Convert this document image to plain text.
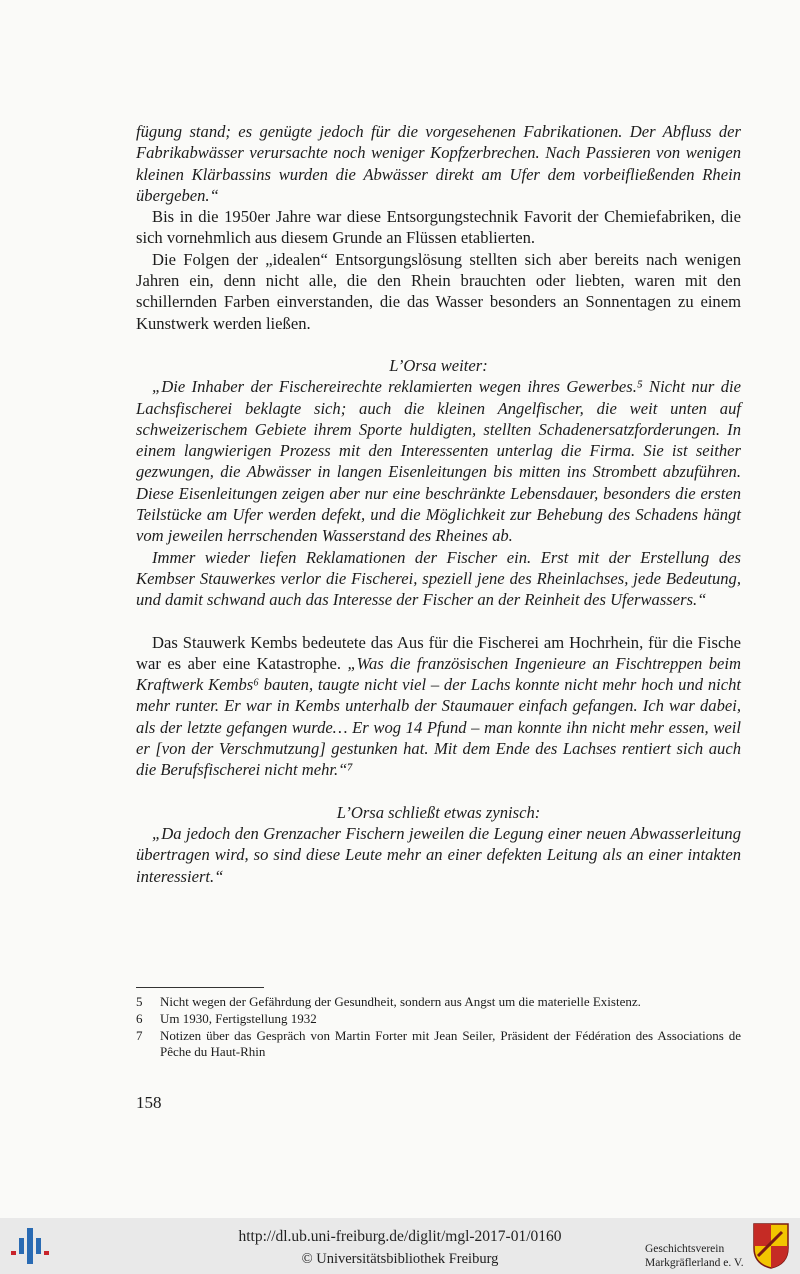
fügung stand; es genügte jedoch für die vorgesehenen Fabrikationen. Der Abfluss der Fabrikabwässer verursachte noch weniger Kopfzerbrechen. Nach Passieren von wenigen kleinen Klärbassins wurden die Abwässer direkt am Ufer dem vorbeifließenden Rhein übergeben.“

Bis in die 1950er Jahre war diese Entsorgungstechnik Favorit der Chemiefabriken, die sich vornehmlich aus diesem Grunde an Flüssen etablierten.

Die Folgen der „idealen“ Entsorgungslösung stellten sich aber bereits nach wenigen Jahren ein, denn nicht alle, die den Rhein brauchten oder liebten, waren mit den schillernden Farben einverstanden, die das Wasser besonders an Sonnentagen zu einem Kunstwerk werden ließen.

L’Orsa weiter:

„Die Inhaber der Fischereirechte reklamierten wegen ihres Gewerbes.⁵ Nicht nur die Lachsfischerei beklagte sich; auch die kleinen Angelfischer, die weit unten auf schweizerischem Gebiete ihrem Sporte huldigten, stellten Schadenersatzforderungen. In einem langwierigen Prozess mit den Interessenten unterlag die Firma. Sie ist seither gezwungen, die Abwässer in langen Eisenleitungen bis mitten ins Strombett abzuführen. Diese Eisenleitungen zeigen aber nur eine beschränkte Lebensdauer, besonders die ersten Teilstücke am Ufer werden defekt, und die Möglichkeit zur Behebung des Schadens hängt vom jeweilen herrschenden Wasserstand des Rheines ab.

Immer wieder liefen Reklamationen der Fischer ein. Erst mit der Erstellung des Kembser Stauwerkes verlor die Fischerei, speziell jene des Rheinlachses, jede Bedeutung, und damit schwand auch das Interesse der Fischer an der Reinheit des Uferwassers.“

Das Stauwerk Kembs bedeutete das Aus für die Fischerei am Hochrhein, für die Fische war es aber eine Katastrophe. „Was die französischen Ingenieure an Fischtreppen beim Kraftwerk Kembs⁶ bauten, taugte nicht viel – der Lachs konnte nicht mehr hoch und nicht mehr runter. Er war in Kembs unterhalb der Staumauer einfach gefangen. Ich war dabei, als der letzte gefangen wurde… Er wog 14 Pfund – man konnte ihn nicht mehr essen, weil er [von der Verschmutzung] gestunken hat. Mit dem Ende des Lachses rentiert sich auch die Berufsfischerei nicht mehr.“⁷

L’Orsa schließt etwas zynisch:

„Da jedoch den Grenzacher Fischern jeweilen die Legung einer neuen Abwasserleitung übertragen wird, so sind diese Leute mehr an einer defekten Leitung als an einer intakten interessiert.“

5	Nicht wegen der Gefährdung der Gesundheit, sondern aus Angst um die materielle Existenz.
6	Um 1930, Fertigstellung 1932
7	Notizen über das Gespräch von Martin Forter mit Jean Seiler, Präsident der Fédération des Associations de Pêche du Haut-Rhin
158
http://dl.ub.uni-freiburg.de/diglit/mgl-2017-01/0160
© Universitätsbibliothek Freiburg
Geschichtsverein
Markgräflerland e. V.
